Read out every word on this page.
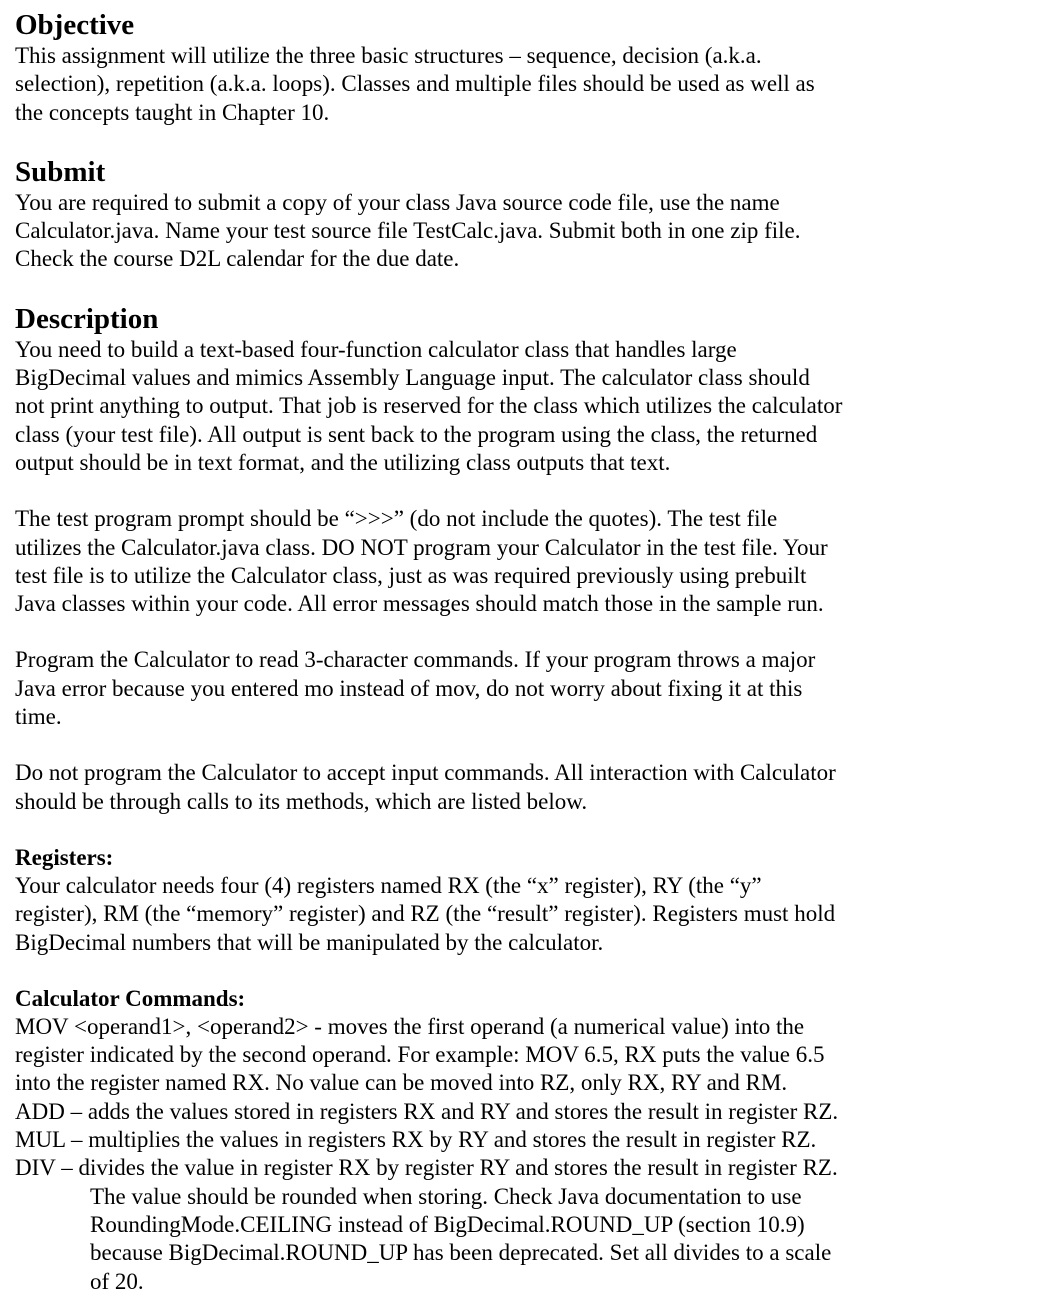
Objective
This assignment will utilize the three basic structures – sequence, decision (a.k.a.
selection), repetition (a.k.a. loops). Classes and multiple files should be used as well as
the concepts taught in Chapter 10.
Submit
You are required to submit a copy of your class Java source code file, use the name
Calculator.java. Name your test source file TestCalc.java. Submit both in one zip file.
Check the course D2L calendar for the due date.
Description
You need to build a text-based four-function calculator class that handles large
BigDecimal values and mimics Assembly Language input. The calculator class should
not print anything to output. That job is reserved for the class which utilizes the calculator
class (your test file). All output is sent back to the program using the class, the returned
output should be in text format, and the utilizing class outputs that text.
The test program prompt should be “>>>” (do not include the quotes). The test file
utilizes the Calculator.java class. DO NOT program your Calculator in the test file. Your
test file is to utilize the Calculator class, just as was required previously using prebuilt
Java classes within your code. All error messages should match those in the sample run.
Program the Calculator to read 3-character commands. If your program throws a major
Java error because you entered mo instead of mov, do not worry about fixing it at this
time.
Do not program the Calculator to accept input commands. All interaction with Calculator
should be through calls to its methods, which are listed below.
Registers:
Your calculator needs four (4) registers named RX (the “x” register), RY (the “y”
register), RM (the “memory” register) and RZ (the “result” register). Registers must hold
BigDecimal numbers that will be manipulated by the calculator.
Calculator Commands:
MOV <operand1>, <operand2> - moves the first operand (a numerical value) into the
register indicated by the second operand. For example: MOV 6.5, RX puts the value 6.5
into the register named RX. No value can be moved into RZ, only RX, RY and RM.
ADD – adds the values stored in registers RX and RY and stores the result in register RZ.
MUL – multiplies the values in registers RX by RY and stores the result in register RZ.
DIV – divides the value in register RX by register RY and stores the result in register RZ.
The value should be rounded when storing. Check Java documentation to use
RoundingMode.CEILING instead of BigDecimal.ROUND_UP (section 10.9)
because BigDecimal.ROUND_UP has been deprecated. Set all divides to a scale
of 20.
